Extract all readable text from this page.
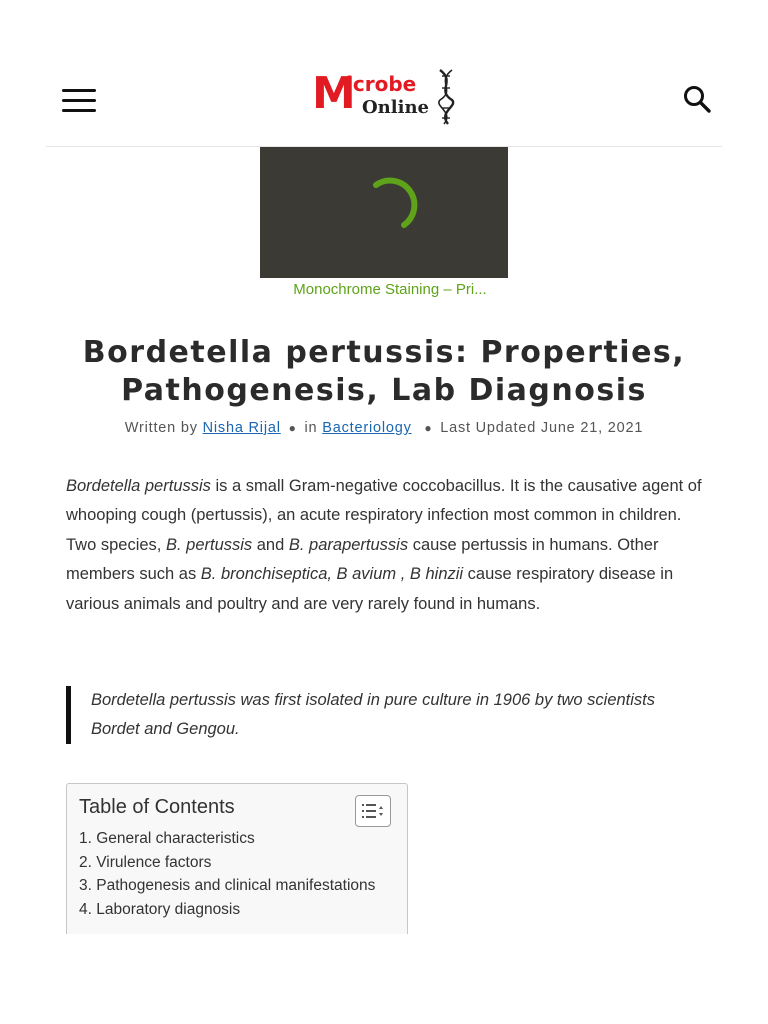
M
icrobe
Online
Monochrome Staining – Pri...
Bordetella pertussis: Properties, Pathogenesis, Lab Diagnosis
Written by Nisha Rijal ● in Bacteriology ● Last Updated June 21, 2021

Bordetella pertussis is a small Gram-negative coccobacillus. It is the causative agent of whooping cough (pertussis), an acute respiratory infection most common in children. Two species, B. pertussis and B. parapertussis cause pertussis in humans. Other members such as B. bronchiseptica, B avium , B hinzii cause respiratory disease in various animals and poultry and are very rarely found in humans.

Bordetella pertussis was first isolated in pure culture in 1906 by two scientists Bordet and Gengou.

Table of Contents
1. General characteristics
2. Virulence factors
3. Pathogenesis and clinical manifestations
4. Laboratory diagnosis
